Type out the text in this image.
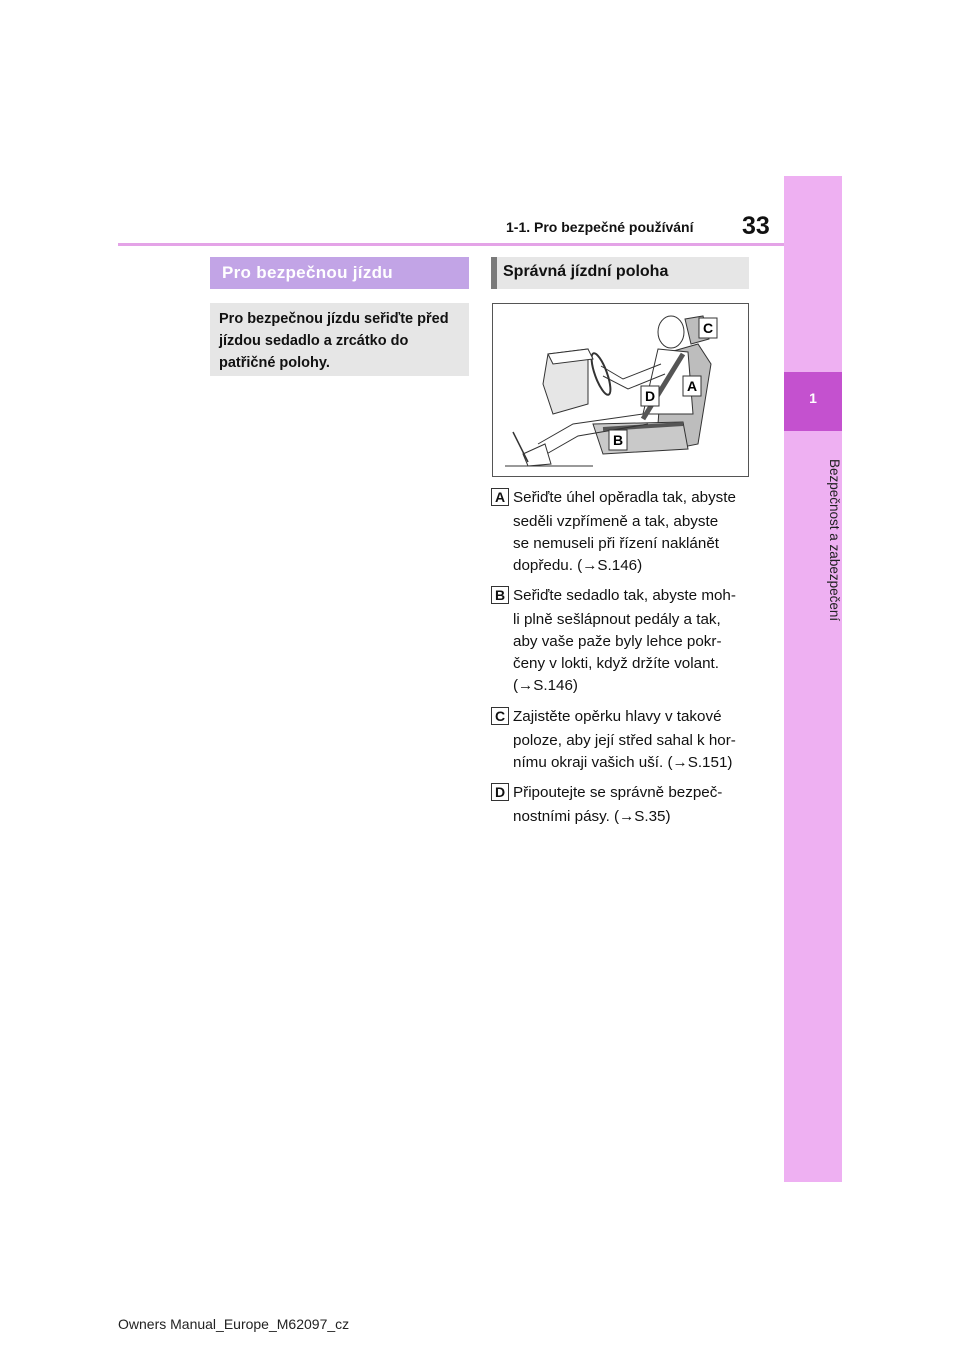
33
1-1. Pro bezpečné používání
1
Bezpečnost a zabezpečení
Pro bezpečnou jízdu
Pro bezpečnou jízdu seřiďte před jízdou sedadlo a zrcátko do patřičné polohy.
Správná jízdní poloha
C
A
D
B
A Seřiďte úhel opěradla tak, abyste
seděli vzpřímeně a tak, abyste
se nemuseli při řízení naklánět
dopředu. (→S.146)
B Seřiďte sedadlo tak, abyste moh-
li plně sešlápnout pedály a tak,
aby vaše paže byly lehce pokr-
čeny v lokti, když držíte volant.
(→S.146)
C Zajistěte opěrku hlavy v takové
poloze, aby její střed sahal k hor-
nímu okraji vašich uší. (→S.151)
D Připoutejte se správně bezpeč-
nostními pásy. (→S.35)
Owners Manual_Europe_M62097_cz
